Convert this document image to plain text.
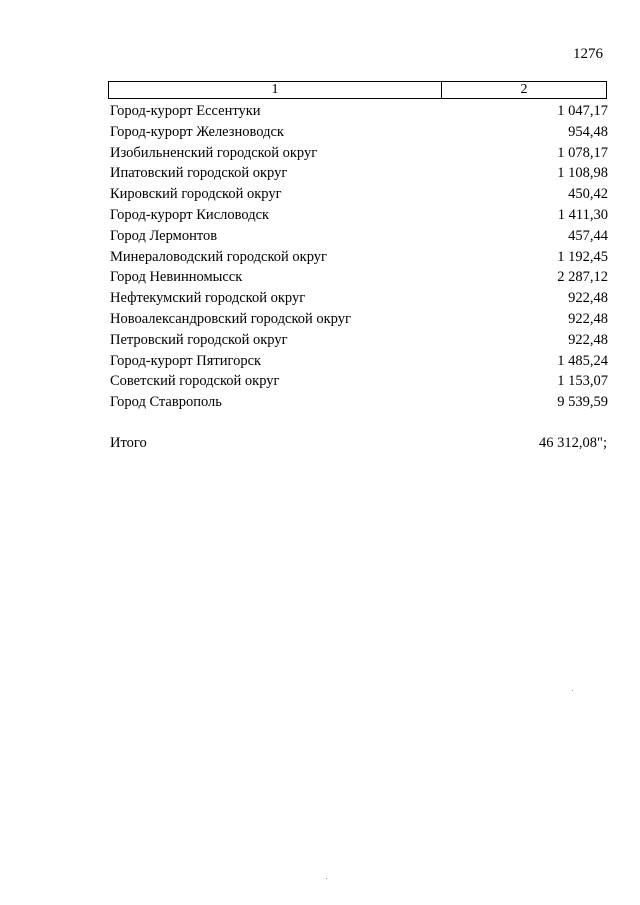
1276
1	2
Город-курорт Ессентуки	1 047,17
Город-курорт Железноводск	954,48
Изобильненский городской округ	1 078,17
Ипатовский городской округ	1 108,98
Кировский городской округ	450,42
Город-курорт Кисловодск	1 411,30
Город Лермонтов	457,44
Минераловодский городской округ	1 192,45
Город Невинномысск	2 287,12
Нефтекумский городской округ	922,48
Новоалександровский городской округ	922,48
Петровский городской округ	922,48
Город-курорт Пятигорск	1 485,24
Советский городской округ	1 153,07
Город Ставрополь	9 539,59
Итого	46 312,08";
